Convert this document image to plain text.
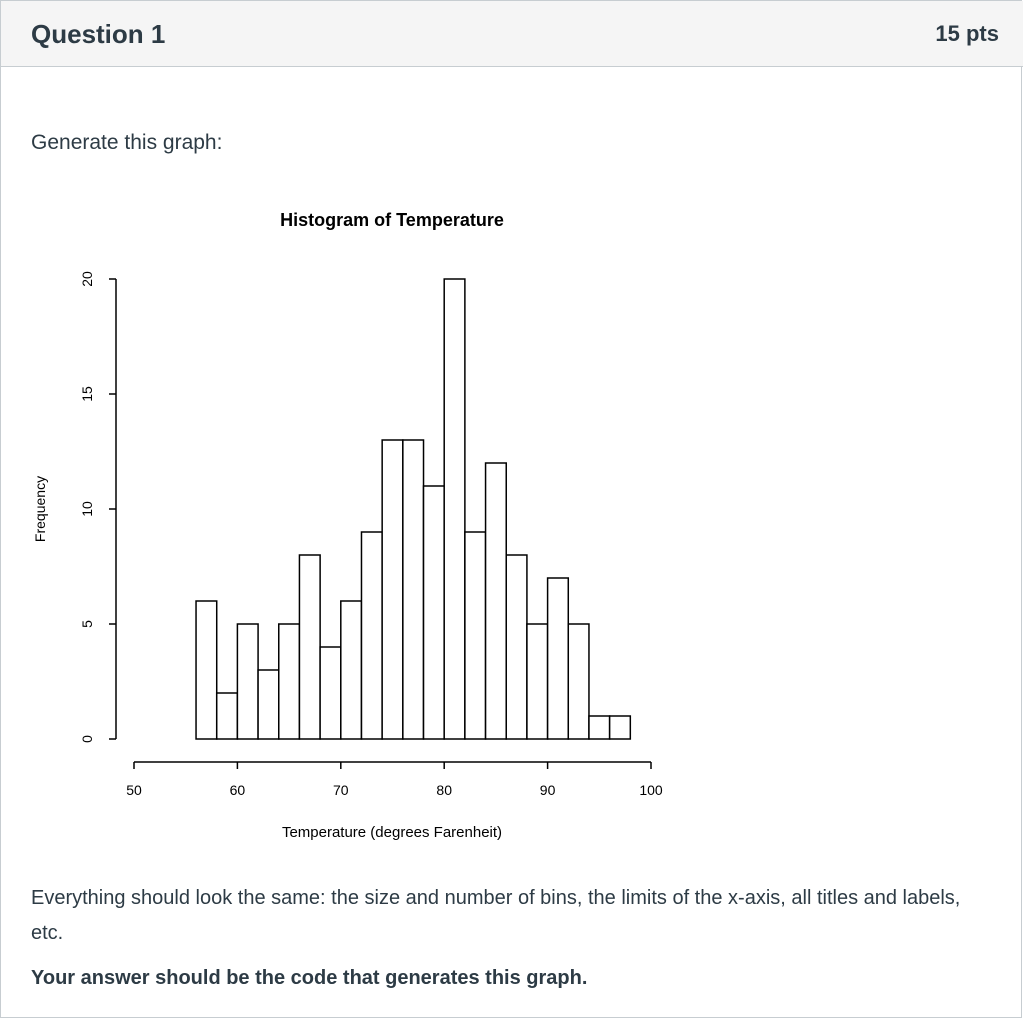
Question 1	15 pts
Generate this graph:
Histogram of Temperature
Frequency
Temperature (degrees Farenheit)
50	60	70	80	90	100
0
5
10
15
20
Everything should look the same: the size and number of bins, the limits of the x-axis, all titles and labels, etc.
Your answer should be the code that generates this graph.
